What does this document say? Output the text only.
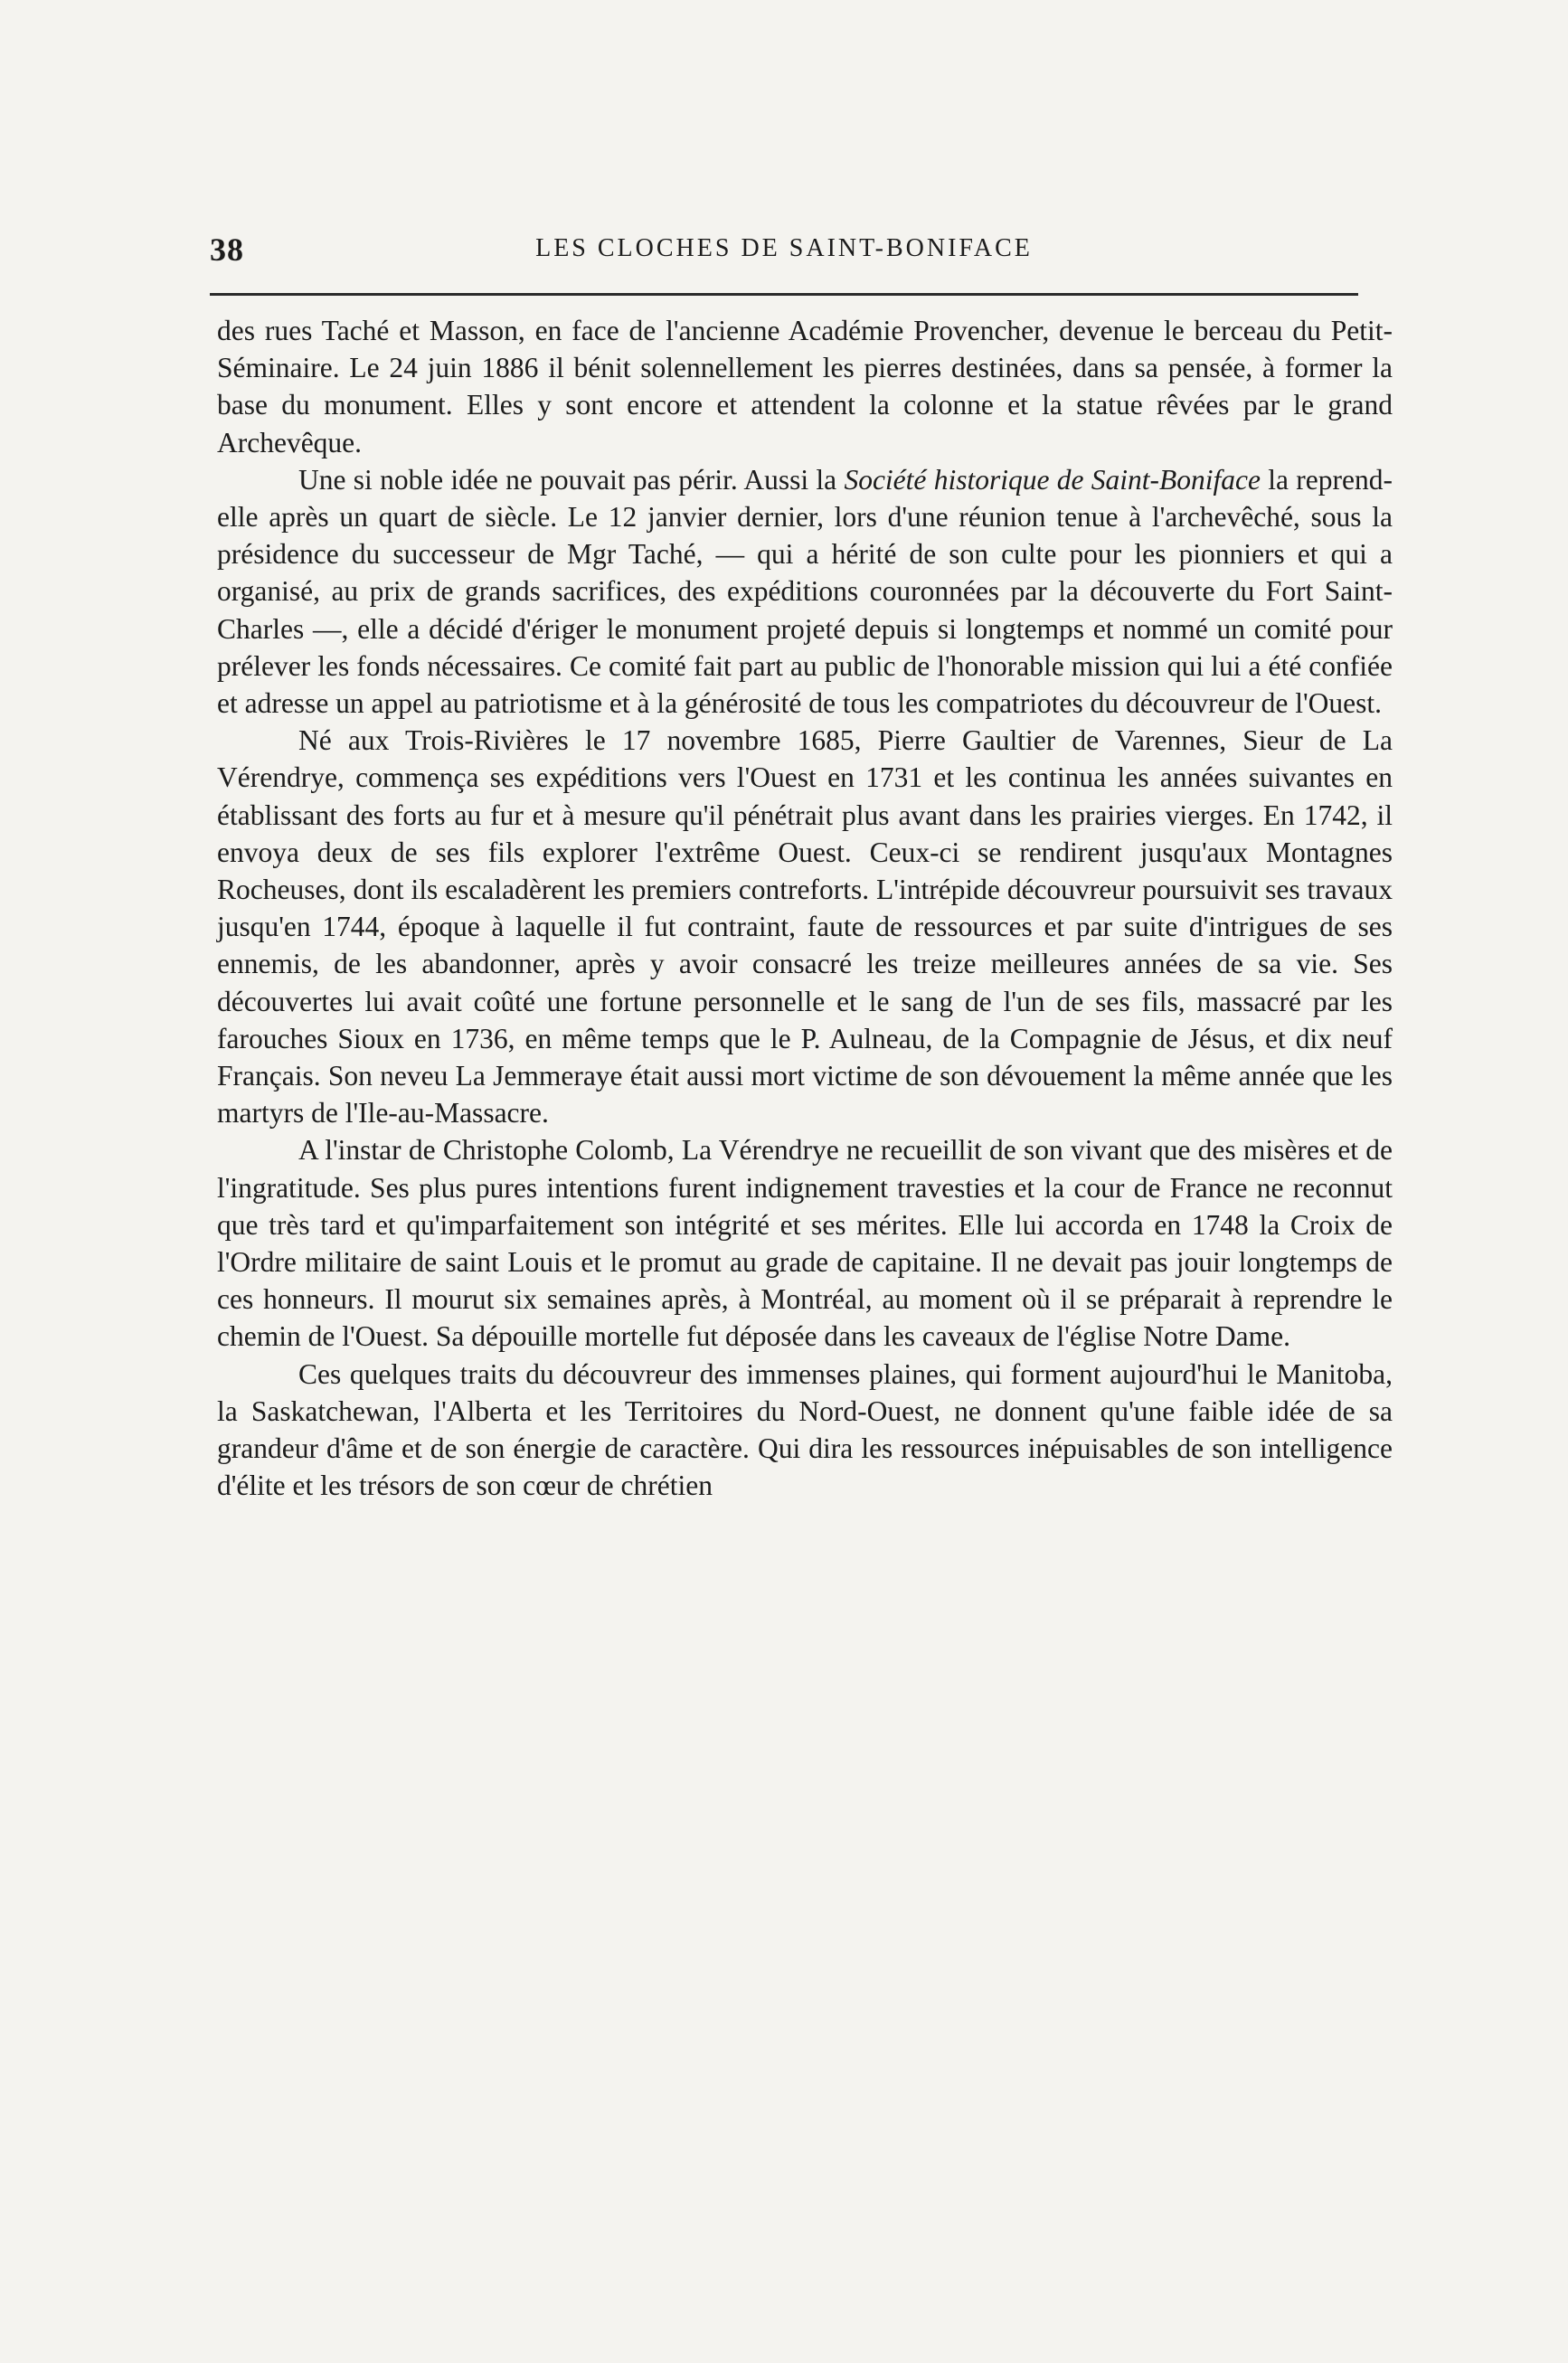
38	LES CLOCHES DE SAINT-BONIFACE

des rues Taché et Masson, en face de l'ancienne Académie Provencher, devenue le berceau du Petit-Séminaire. Le 24 juin 1886 il bénit solennellement les pierres destinées, dans sa pensée, à former la base du monument. Elles y sont encore et attendent la colonne et la statue rêvées par le grand Archevêque.

Une si noble idée ne pouvait pas périr. Aussi la Société historique de Saint-Boniface la reprend-elle après un quart de siècle. Le 12 janvier dernier, lors d'une réunion tenue à l'archevêché, sous la présidence du successeur de Mgr Taché, — qui a hérité de son culte pour les pionniers et qui a organisé, au prix de grands sacrifices, des expéditions couronnées par la découverte du Fort Saint-Charles —, elle a décidé d'ériger le monument projeté depuis si longtemps et nommé un comité pour prélever les fonds nécessaires. Ce comité fait part au public de l'honorable mission qui lui a été confiée et adresse un appel au patriotisme et à la générosité de tous les compatriotes du découvreur de l'Ouest.

Né aux Trois-Rivières le 17 novembre 1685, Pierre Gaultier de Varennes, Sieur de La Vérendrye, commença ses expéditions vers l'Ouest en 1731 et les continua les années suivantes en établissant des forts au fur et à mesure qu'il pénétrait plus avant dans les prairies vierges. En 1742, il envoya deux de ses fils explorer l'extrême Ouest. Ceux-ci se rendirent jusqu'aux Montagnes Rocheuses, dont ils escaladèrent les premiers contreforts. L'intrépide découvreur poursuivit ses travaux jusqu'en 1744, époque à laquelle il fut contraint, faute de ressources et par suite d'intrigues de ses ennemis, de les abandonner, après y avoir consacré les treize meilleures années de sa vie. Ses découvertes lui avait coûté une fortune personnelle et le sang de l'un de ses fils, massacré par les farouches Sioux en 1736, en même temps que le P. Aulneau, de la Compagnie de Jésus, et dix neuf Français. Son neveu La Jemmeraye était aussi mort victime de son dévouement la même année que les martyrs de l'Ile-au-Massacre.

A l'instar de Christophe Colomb, La Vérendrye ne recueillit de son vivant que des misères et de l'ingratitude. Ses plus pures intentions furent indignement travesties et la cour de France ne reconnut que très tard et qu'imparfaitement son intégrité et ses mérites. Elle lui accorda en 1748 la Croix de l'Ordre militaire de saint Louis et le promut au grade de capitaine. Il ne devait pas jouir longtemps de ces honneurs. Il mourut six semaines après, à Montréal, au moment où il se préparait à reprendre le chemin de l'Ouest. Sa dépouille mortelle fut déposée dans les caveaux de l'église Notre Dame.

Ces quelques traits du découvreur des immenses plaines, qui forment aujourd'hui le Manitoba, la Saskatchewan, l'Alberta et les Territoires du Nord-Ouest, ne donnent qu'une faible idée de sa grandeur d'âme et de son énergie de caractère. Qui dira les ressources inépuisables de son intelligence d'élite et les trésors de son cœur de chrétien
